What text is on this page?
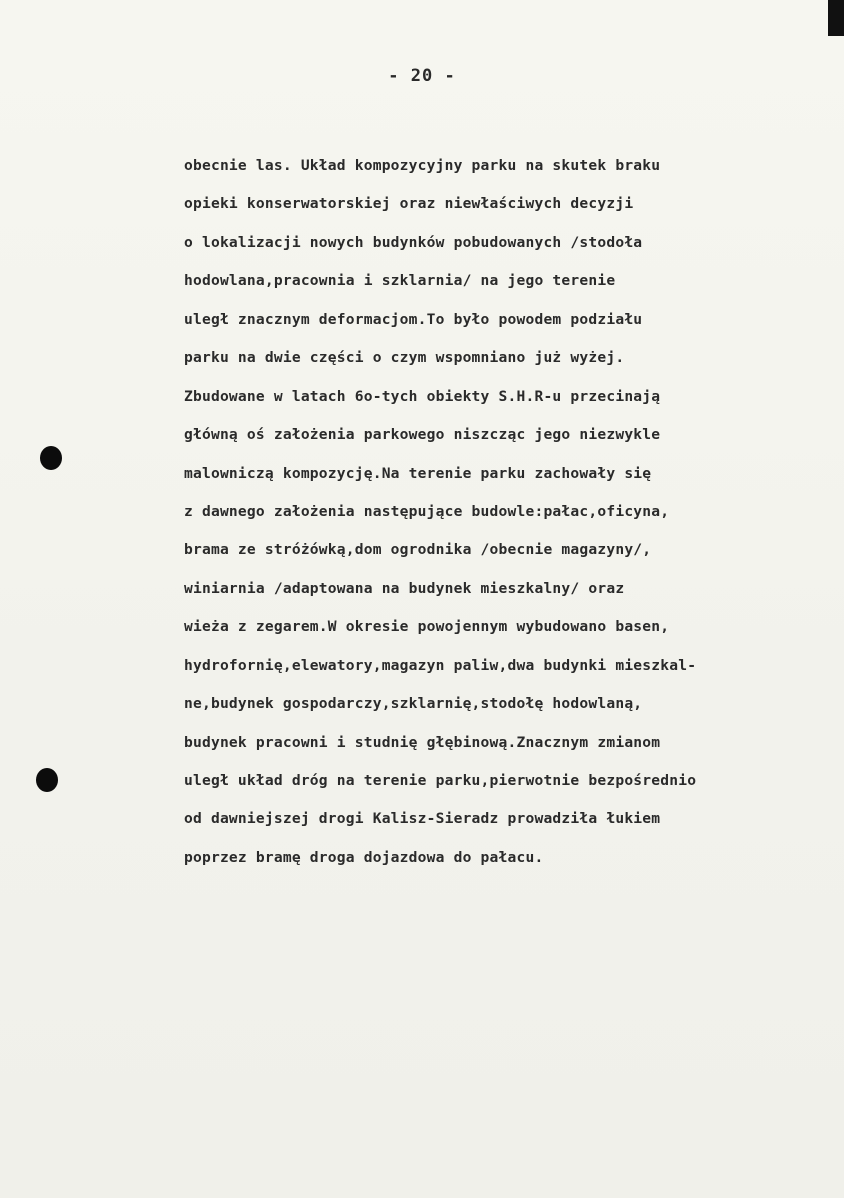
- 20 -
obecnie las. Układ kompozycyjny parku na skutek braku
opieki konserwatorskiej oraz niewłaściwych decyzji
o lokalizacji nowych budynków pobudowanych /stodoła
hodowlana,pracownia i szklarnia/ na jego terenie
uległ znacznym deformacjom.To było powodem podziału
parku na dwie części o czym wspomniano już wyżej.
Zbudowane w latach 6o-tych obiekty S.H.R-u przecinają
główną oś założenia parkowego niszcząc jego niezwykle
malowniczą kompozycję.Na terenie parku zachowały się
z dawnego założenia następujące budowle:pałac,oficyna,
brama ze stróżówką,dom ogrodnika /obecnie magazyny/,
winiarnia /adaptowana na budynek mieszkalny/ oraz
wieża z zegarem.W okresie powojennym wybudowano basen,
hydrofornię,elewatory,magazyn paliw,dwa budynki mieszkal-
ne,budynek gospodarczy,szklarnię,stodołę hodowlaną,
budynek pracowni i studnię głębinową.Znacznym zmianom
uległ układ dróg na terenie parku,pierwotnie bezpośrednio
od dawniejszej drogi Kalisz-Sieradz prowadziła łukiem
poprzez bramę droga dojazdowa do pałacu.
